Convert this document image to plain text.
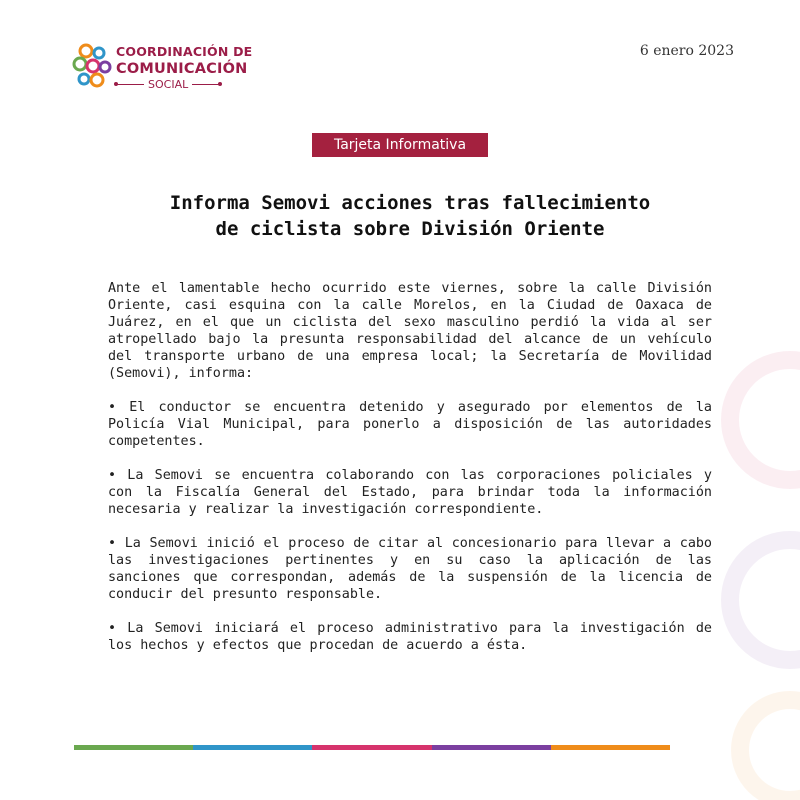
COORDINACIÓN DE
COMUNICACIÓN
SOCIAL
6 enero 2023
Tarjeta Informativa
Informa Semovi acciones tras fallecimiento
de ciclista sobre División Oriente

Ante el lamentable hecho ocurrido este viernes, sobre la calle División Oriente, casi esquina con la calle Morelos, en la Ciudad de Oaxaca de Juárez, en el que un ciclista del sexo masculino perdió la vida al ser atropellado bajo la presunta responsabilidad del alcance de un vehículo del transporte urbano de una empresa local; la Secretaría de Movilidad (Semovi), informa:

• El conductor se encuentra detenido y asegurado por elementos de la Policía Vial Municipal, para ponerlo a disposición de las autoridades competentes.

• La Semovi se encuentra colaborando con las corporaciones policiales y con la Fiscalía General del Estado, para brindar toda la información necesaria y realizar la investigación correspondiente.

• La Semovi inició el proceso de citar al concesionario para llevar a cabo las investigaciones pertinentes y en su caso la aplicación de las sanciones que correspondan, además de la suspensión de la licencia de conducir del presunto responsable.

• La Semovi iniciará el proceso administrativo para la investigación de los hechos y efectos que procedan de acuerdo a ésta.
